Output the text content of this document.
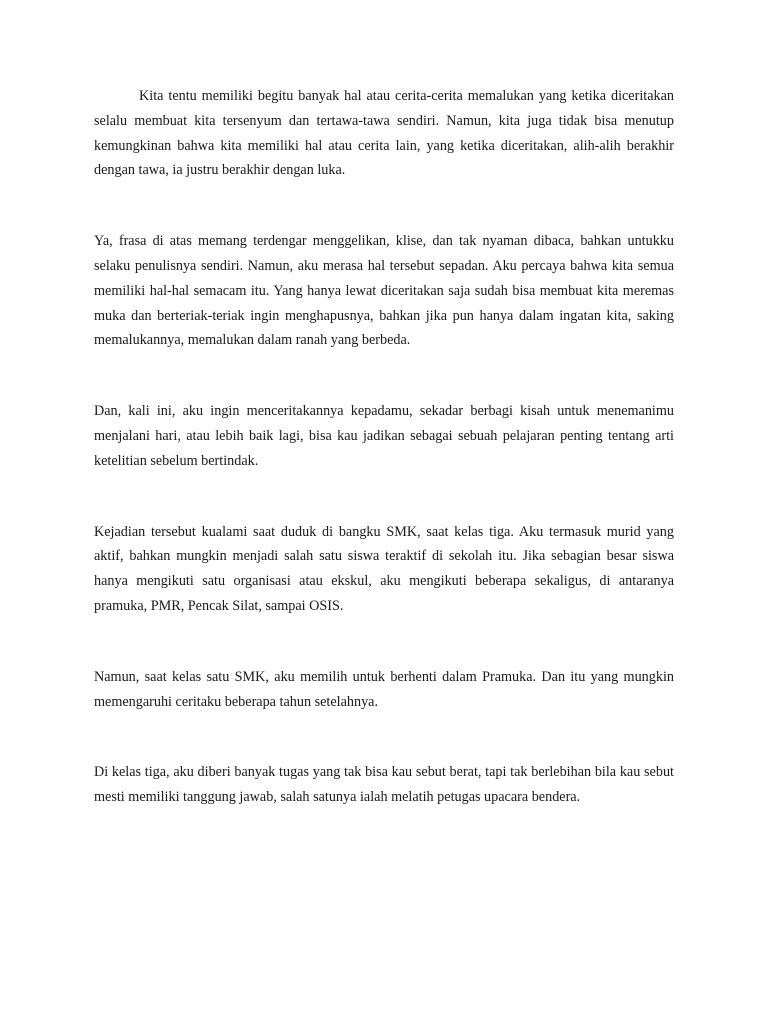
Kita tentu memiliki begitu banyak hal atau cerita-cerita memalukan yang ketika diceritakan selalu membuat kita tersenyum dan tertawa-tawa sendiri. Namun, kita juga tidak bisa menutup kemungkinan bahwa kita memiliki hal atau cerita lain, yang ketika diceritakan, alih-alih berakhir dengan tawa, ia justru berakhir dengan luka.

Ya, frasa di atas memang terdengar menggelikan, klise, dan tak nyaman dibaca, bahkan untukku selaku penulisnya sendiri. Namun, aku merasa hal tersebut sepadan. Aku percaya bahwa kita semua memiliki hal-hal semacam itu. Yang hanya lewat diceritakan saja sudah bisa membuat kita meremas muka dan berteriak-teriak ingin menghapusnya, bahkan jika pun hanya dalam ingatan kita, saking memalukannya, memalukan dalam ranah yang berbeda.

Dan, kali ini, aku ingin menceritakannya kepadamu, sekadar berbagi kisah untuk menemanimu menjalani hari, atau lebih baik lagi, bisa kau jadikan sebagai sebuah pelajaran penting tentang arti ketelitian sebelum bertindak.

Kejadian tersebut kualami saat duduk di bangku SMK, saat kelas tiga. Aku termasuk murid yang aktif, bahkan mungkin menjadi salah satu siswa teraktif di sekolah itu. Jika sebagian besar siswa hanya mengikuti satu organisasi atau ekskul, aku mengikuti beberapa sekaligus, di antaranya pramuka, PMR, Pencak Silat, sampai OSIS.

Namun, saat kelas satu SMK, aku memilih untuk berhenti dalam Pramuka. Dan itu yang mungkin memengaruhi ceritaku beberapa tahun setelahnya.

Di kelas tiga, aku diberi banyak tugas yang tak bisa kau sebut berat, tapi tak berlebihan bila kau sebut mesti memiliki tanggung jawab, salah satunya ialah melatih petugas upacara bendera.
